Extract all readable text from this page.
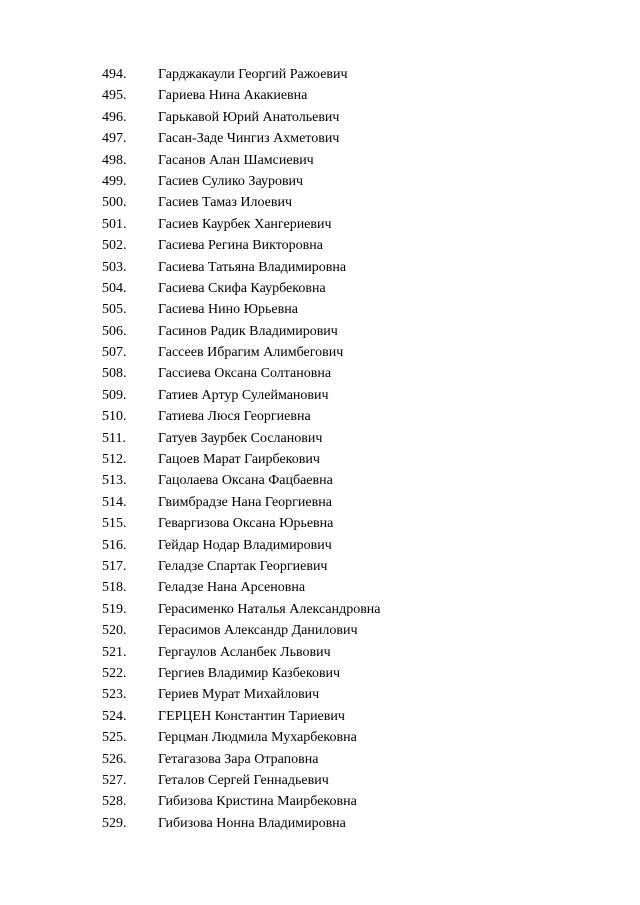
494.	Гарджакаули Георгий Ражоевич
495.	Гариева Нина Акакиевна
496.	Гарькавой Юрий Анатольевич
497.	Гасан-Заде Чингиз Ахметович
498.	Гасанов Алан Шамсиевич
499.	Гасиев Сулико Заурович
500.	Гасиев Тамаз Илоевич
501.	Гасиев Каурбек Хангериевич
502.	Гасиева Регина Викторовна
503.	Гасиева Татьяна Владимировна
504.	Гасиева Скифа Каурбековна
505.	Гасиева Нино Юрьевна
506.	Гасинов Радик Владимирович
507.	Гассеев Ибрагим Алимбегович
508.	Гассиева Оксана Солтановна
509.	Гатиев Артур Сулейманович
510.	Гатиева Люся Георгиевна
511.	Гатуев Заурбек Сосланович
512.	Гацоев Марат Гаирбекович
513.	Гацолаева Оксана Фацбаевна
514.	Гвимбрадзе Нана Георгиевна
515.	Геваргизова Оксана Юрьевна
516.	Гейдар Нодар Владимирович
517.	Геладзе Спартак Георгиевич
518.	Геладзе Нана Арсеновна
519.	Герасименко Наталья Александровна
520.	Герасимов Александр Данилович
521.	Гергаулов Асланбек Львович
522.	Гергиев Владимир Казбекович
523.	Гериев Мурат Михайлович
524.	ГЕРЦЕН Константин Тариевич
525.	Герцман Людмила Мухарбековна
526.	Гетагазова Зара Отраповна
527.	Геталов Сергей Геннадьевич
528.	Гибизова Кристина Маирбековна
529.	Гибизова Нонна Владимировна
